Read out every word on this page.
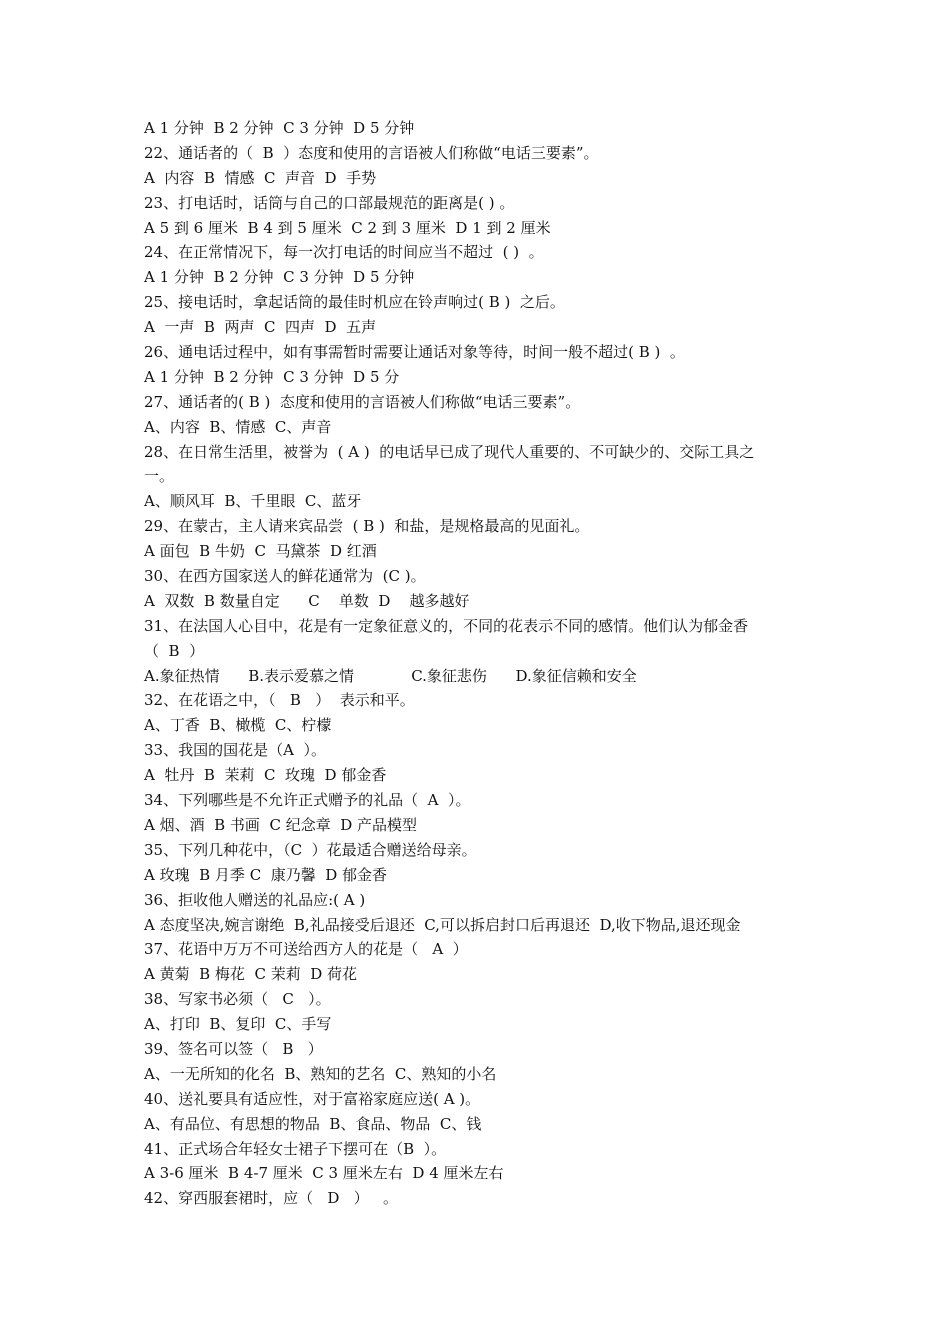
A 1 分钟  B 2 分钟  C 3 分钟  D 5 分钟
22、通话者的（  B  ）态度和使用的言语被人们称做“电话三要素”。
A  内容  B  情感  C  声音  D  手势
23、打电话时，话筒与自己的口部最规范的距离是( ) 。
A 5 到 6 厘米  B 4 到 5 厘米  C 2 到 3 厘米  D 1 到 2 厘米
24、在正常情况下，每一次打电话的时间应当不超过  ( )  。
A 1 分钟  B 2 分钟  C 3 分钟  D 5 分钟
25、接电话时，拿起话筒的最佳时机应在铃声响过( B )  之后。
A  一声  B  两声  C  四声  D  五声
26、通电话过程中，如有事需暂时需要让通话对象等待，时间一般不超过( B )  。
A 1 分钟  B 2 分钟  C 3 分钟  D 5 分
27、通话者的( B )  态度和使用的言语被人们称做“电话三要素”。
A、内容  B、情感  C、声音
28、在日常生活里，被誉为  ( A )  的电话早已成了现代人重要的、不可缺少的、交际工具之
一。
A、顺风耳  B、千里眼  C、蓝牙
29、在蒙古，主人请来宾品尝  ( B )  和盐，是规格最高的见面礼。
A 面包  B 牛奶  C  马黛茶  D 红酒
30、在西方国家送人的鲜花通常为  (C )。
A  双数  B 数量自定      C    单数  D    越多越好
31、在法国人心目中，花是有一定象征意义的，不同的花表示不同的感情。他们认为郁金香
（  B  ）
A.象征热情      B.表示爱慕之情            C.象征悲伤      D.象征信赖和安全
32、在花语之中，（   B   ）  表示和平。
A、丁香  B、橄榄  C、柠檬
33、我国的国花是（A  ）。
A  牡丹  B  茉莉  C  玫瑰  D 郁金香
34、下列哪些是不允许正式赠予的礼品（  A  ）。
A 烟、酒  B 书画  C 纪念章  D 产品模型
35、下列几种花中，（C  ）花最适合赠送给母亲。
A 玫瑰  B 月季 C  康乃馨  D 郁金香
36、拒收他人赠送的礼品应:( A )
A 态度坚决,婉言谢绝  B,礼品接受后退还  C,可以拆启封口后再退还  D,收下物品,退还现金
37、花语中万万不可送给西方人的花是（   A  ）
A 黄菊  B 梅花  C 茉莉  D 荷花
38、写家书必须（   C   ）。
A、打印  B、复印  C、手写
39、签名可以签（   B   ）
A、一无所知的化名  B、熟知的艺名  C、熟知的小名
40、送礼要具有适应性，对于富裕家庭应送( A )。
A、有品位、有思想的物品  B、食品、物品  C、钱
41、正式场合年轻女士裙子下摆可在（B  ）。
A 3-6 厘米  B 4-7 厘米  C 3 厘米左右  D 4 厘米左右
42、穿西服套裙时，应（   D   ）   。
